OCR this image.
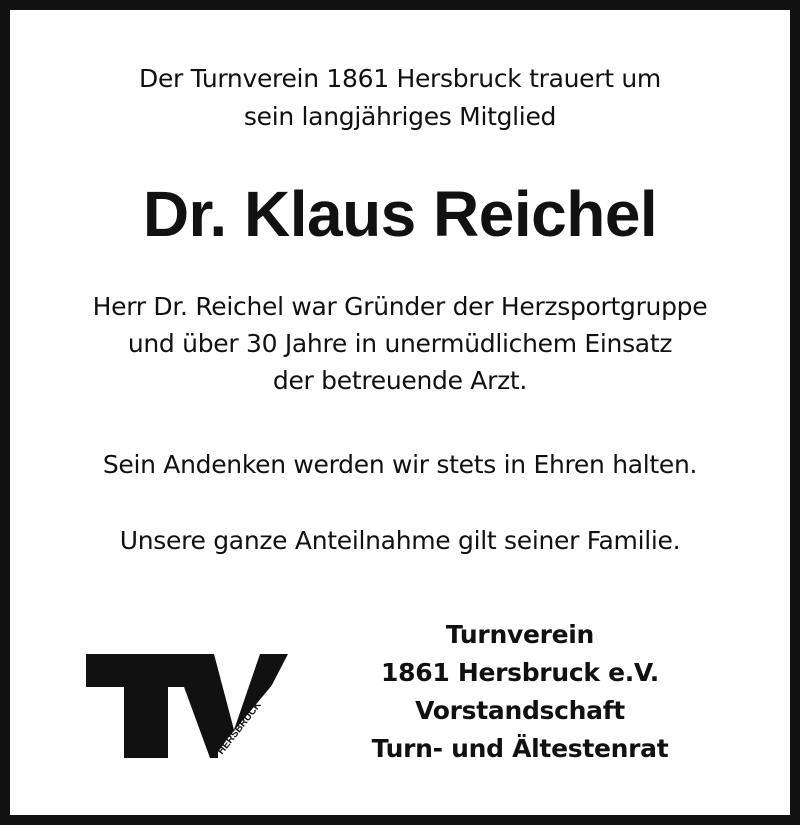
Der Turnverein 1861 Hersbruck trauert um
sein langjähriges Mitglied
Dr. Klaus Reichel
Herr Dr. Reichel war Gründer der Herzsportgruppe
und über 30 Jahre in unermüdlichem Einsatz
der betreuende Arzt.
Sein Andenken werden wir stets in Ehren halten.
Unsere ganze Anteilnahme gilt seiner Familie.
HERSBRUCK
Turnverein
1861 Hersbruck e.V.
Vorstandschaft
Turn- und Ältestenrat
